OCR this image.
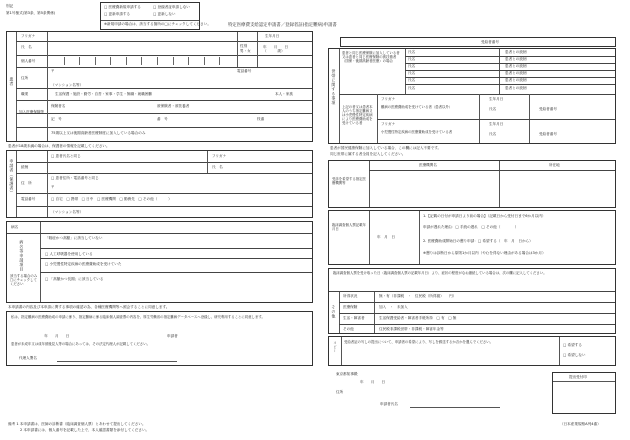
別記
第1号様式(第3条、第5条関係)
□ 医療費新規申請する	□ 登録者証申請しない
□ 更新申請する	□ 更新しない
※新規申請の場合は、該当する箇所の□にチェックしてください。	特定医療費支給認定申請書／登録者証(指定難病)申請書
患者
フリガナ
氏　名	性別
男・女
生年月日
年　　月　　日
（　　　歳）
個人番号
住所
〒	電話番号
（マンション名等）
職業	生活保護・施設・勤労・自営・家事・学生・無職・就職困難	本人・家族
加入医療保険等
保険者名	被保険者・被扶養者
記　号	番　号	枝番
75歳以上又は後期高齢者医療制度に加入している場合のみ
患者が18歳未満の場合は、保護者の情報を記載してください。
申請者（保護者）
□ 患者氏名と同じ	フリガナ
氏　名
続柄
住　所
□ 患者住所・電話番号と同じ
〒
電話番号	□ 自宅　□ 携帯　□ 日中　□ 医療機関　□ 勤務先　□ その他（　　　）
（マンション名等）
病名
病名等申請項目
「軽症かつ高額」に該当していない
□ 人工呼吸器を使用している
□ 小児慢性特定疾病の医療費助成を受けていた
□ 「高額かつ長期」に該当している
該当する場合のみ□にチェックしてください
本申請書の内容及び本申請に関する事項の確認の為、各種医療機関等へ照会することに同意します。
私は、指定難病の医療費助成の申請に係り、指定難病に係る臨床個人調査票の内容を、厚生労働省の指定難病データベースへ登録し、研究利用することに同意します。
　　年　　月　　日	申請者
患者が未成年又は成年被後見人等の場合にあっては、その法定代理人が記載してください。
代理人署名
受給者番号
世帯に関する事項
患者と同じ医療保険に加入している者又は患者と同じ医療保険の被扶養者（国保・後期高齢者医療）の場合
氏名	患者との続柄
氏名	患者との続柄
氏名	患者との続柄
氏名	患者との続柄
氏名	患者との続柄
氏名	患者との続柄
上記の者又は患者本人のうち指定難病又は小児慢性特定疾病により医療費助成を受けている者
フリガナ	生年月日
難病の医療費助成を受けている者（患者以外）	氏名	受給者番号
フリガナ	生年月日
小児慢性特定疾病の医療費助成を受けている者	氏名	受給者番号
患者が国民健康保険に加入している場合、この欄には記入不要です。
同じ世帯に属する者全員を記入してください。
受診を希望する指定医療機関等
医療機関名	所在地
臨床調査個人票記載年月日
年　月　日
1.【記載の日付が申請日より前の場合】（記載日から受付日まで6か月以内）
申請が遅れた理由：□ 手続の遅れ　□ その他（　　　　）
2. 医療費助成開始日の遡り申請：□ 希望する（　年　月　日から）
※遡りは診断日から原則1か月以内（やむを得ない理由がある場合は3か月）
臨床調査個人票を受け取った日（臨床調査個人票の記載年月日）より、症状の程度がなお継続している場合は、次の欄に記入してください。
その他
所得状況	無・有（非課税　・　住民税（所得割）　　円）
医療保険	加入　・　未加入
生活・障害者	生活保護受給者・障害者手帳所持　□ 有　□ 無
その他	住民税非課税世帯・非課税・障害年金等
コピー 受給者証の写しの提出について、申請者の希望により、写しを郵送するか否かを選んでください。
□ 希望する
□ 希望しない
東京都知事殿
年　　月　　日
住所
申請者氏名
提出受付印
備考 1 本申請書は、医師の診断書（臨床調査個人票）とあわせて提出してください。
2 本申請書には、個人番号を記載した上で、本人確認書類を添付してください。
（日本産業規格A列4番）
